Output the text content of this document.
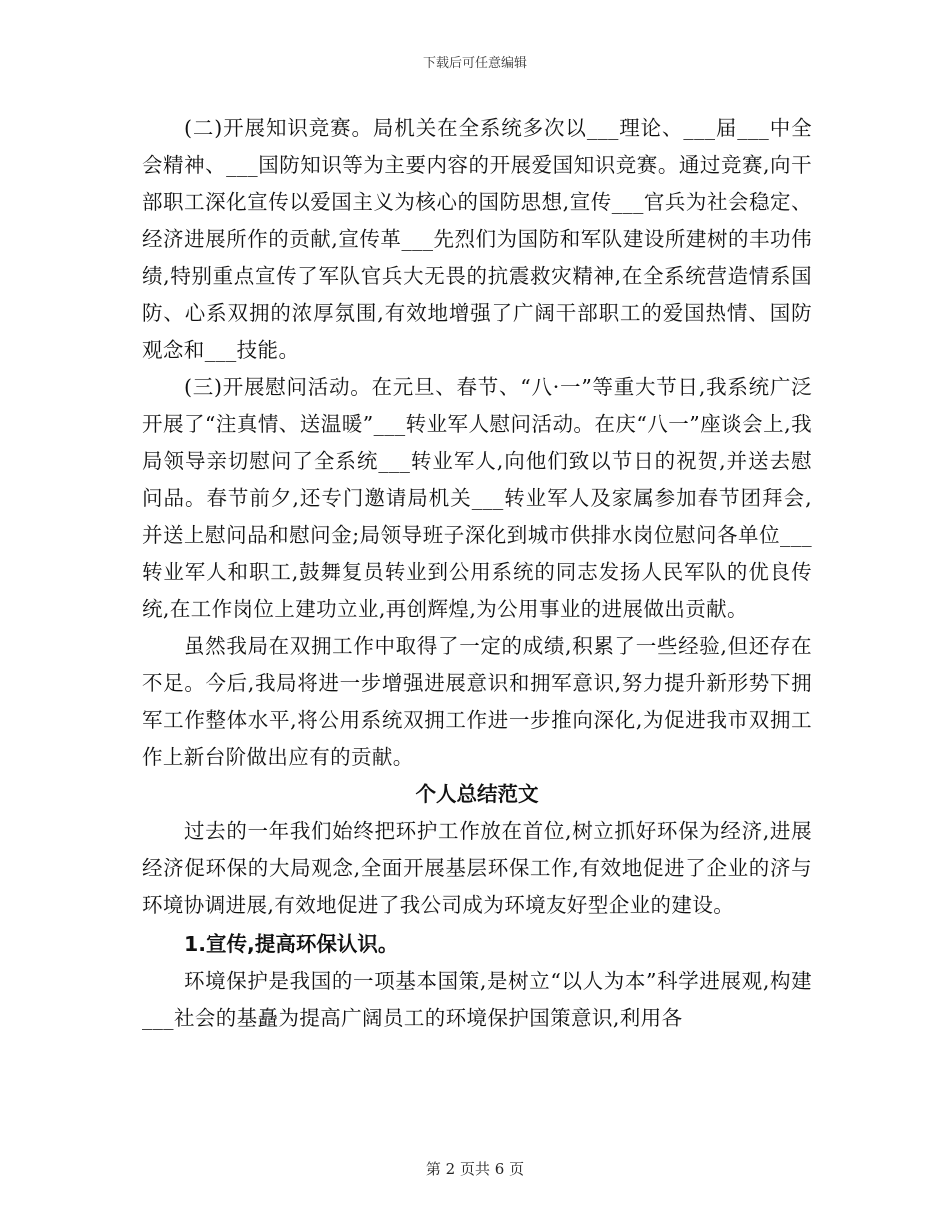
下载后可任意编辑

(二)开展知识竞赛。局机关在全系统多次以___理论、___届___中全会精神、___国防知识等为主要内容的开展爱国知识竞赛。通过竞赛,向干部职工深化宣传以爱国主义为核心的国防思想,宣传___官兵为社会稳定、经济进展所作的贡献,宣传革___先烈们为国防和军队建设所建树的丰功伟绩,特别重点宣传了军队官兵大无畏的抗震救灾精神,在全系统营造情系国防、心系双拥的浓厚氛围,有效地增强了广阔干部职工的爱国热情、国防观念和___技能。

(三)开展慰问活动。在元旦、春节、“八·一”等重大节日,我系统广泛开展了“注真情、送温暖”___转业军人慰问活动。在庆“八一”座谈会上,我局领导亲切慰问了全系统___转业军人,向他们致以节日的祝贺,并送去慰问品。春节前夕,还专门邀请局机关___转业军人及家属参加春节团拜会,并送上慰问品和慰问金;局领导班子深化到城市供排水岗位慰问各单位___转业军人和职工,鼓舞复员转业到公用系统的同志发扬人民军队的优良传统,在工作岗位上建功立业,再创辉煌,为公用事业的进展做出贡献。

虽然我局在双拥工作中取得了一定的成绩,积累了一些经验,但还存在不足。今后,我局将进一步增强进展意识和拥军意识,努力提升新形势下拥军工作整体水平,将公用系统双拥工作进一步推向深化,为促进我市双拥工作上新台阶做出应有的贡献。

个人总结范文

过去的一年我们始终把环护工作放在首位,树立抓好环保为经济,进展经济促环保的大局观念,全面开展基层环保工作,有效地促进了企业的济与环境协调进展,有效地促进了我公司成为环境友好型企业的建设。

1.宣传,提高环保认识。

环境保护是我国的一项基本国策,是树立“以人为本”科学进展观,构建___社会的基矗为提高广阔员工的环境保护国策意识,利用各

第 2 页共 6 页
